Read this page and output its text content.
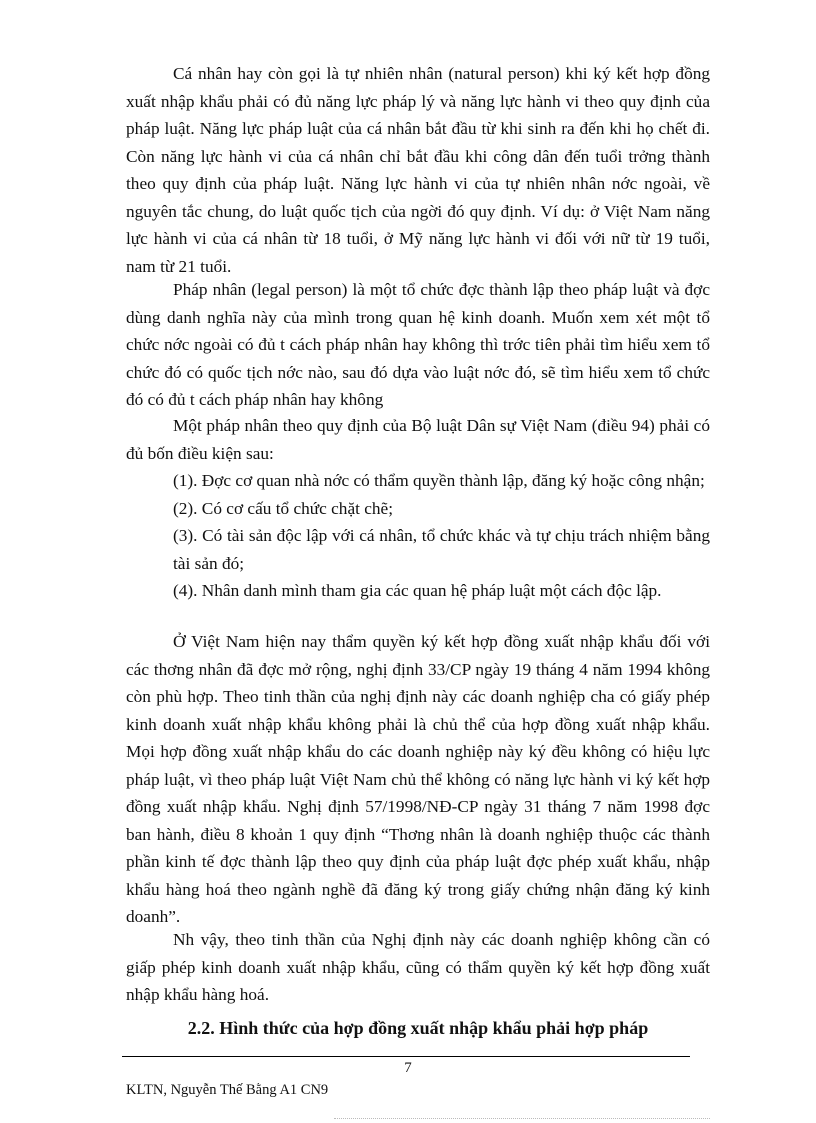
Cá nhân hay còn gọi là tự nhiên nhân (natural person) khi ký kết hợp đồng xuất nhập khẩu phải có đủ năng lực pháp lý và năng lực hành vi theo quy định của pháp luật. Năng lực pháp luật của cá nhân bắt đầu từ khi sinh ra đến khi họ chết đi. Còn năng lực hành vi của cá nhân chỉ bắt đầu khi công dân đến tuổi trởng thành theo quy định của pháp luật. Năng lực hành vi của tự nhiên nhân nớc ngoài, về nguyên tắc chung, do luật quốc tịch của ngời đó quy định. Ví dụ: ở Việt Nam năng lực hành vi của cá nhân từ 18 tuổi, ở Mỹ năng lực hành vi đối với nữ từ 19 tuổi, nam từ 21 tuổi.

Pháp nhân (legal person) là một tổ chức đợc thành lập theo pháp luật và đợc dùng danh nghĩa này của mình trong quan hệ kinh doanh. Muốn xem xét một tổ chức nớc ngoài có đủ t cách pháp nhân hay không thì trớc tiên phải tìm hiểu xem tổ chức đó có quốc tịch nớc nào, sau đó dựa vào luật nớc đó, sẽ tìm hiểu xem tổ chức đó có đủ t cách pháp nhân hay không

Một pháp nhân theo quy định của Bộ luật Dân sự Việt Nam (điều 94) phải có đủ bốn điều kiện sau:

(1). Đợc cơ quan nhà nớc có thẩm quyền thành lập, đăng ký hoặc công nhận;

(2). Có cơ cấu tổ chức chặt chẽ;

(3). Có tài sản độc lập với cá nhân, tổ chức khác và tự chịu trách nhiệm bằng tài sản đó;

(4). Nhân danh mình tham gia các quan hệ pháp luật một cách độc lập.

Ở Việt Nam hiện nay thẩm quyền ký kết hợp đồng xuất nhập khẩu đối với các thơng nhân đã đợc mở rộng, nghị định 33/CP ngày 19 tháng 4 năm 1994 không còn phù hợp. Theo tinh thần của nghị định này các doanh nghiệp cha có giấy phép kinh doanh xuất nhập khẩu không phải là chủ thể của hợp đồng xuất nhập khẩu. Mọi hợp đồng xuất nhập khẩu do các doanh nghiệp này ký đều không có hiệu lực pháp luật, vì theo pháp luật Việt Nam chủ thể không có năng lực hành vi ký kết hợp đồng xuất nhập khẩu. Nghị định 57/1998/NĐ-CP ngày 31 tháng 7 năm 1998 đợc ban hành, điều 8 khoản 1 quy định “Thơng nhân là doanh nghiệp thuộc các thành phần kinh tế đợc thành lập theo quy định của pháp luật đợc phép xuất khẩu, nhập khẩu hàng hoá theo ngành nghề đã đăng ký trong giấy chứng nhận đăng ký kinh doanh”.

Nh vậy, theo tinh thần của Nghị định này các doanh nghiệp không cần có giấp phép kinh doanh xuất nhập khẩu, cũng có thẩm quyền ký kết hợp đồng xuất nhập khẩu hàng hoá.

2.2. Hình thức của hợp đồng xuất nhập khẩu phải hợp pháp
7
KLTN, Nguyễn Thế Bằng A1 CN9
